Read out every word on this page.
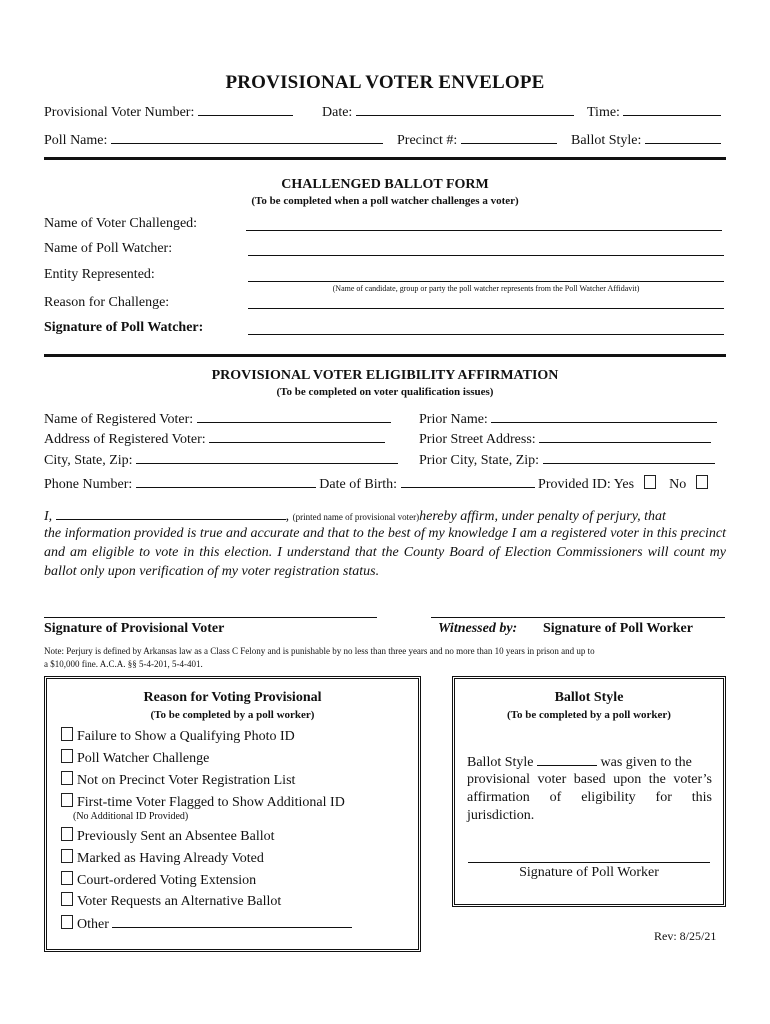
PROVISIONAL VOTER ENVELOPE
Provisional Voter Number:	Date:	Time:
Poll Name:	Precinct #:	Ballot Style:
CHALLENGED BALLOT FORM
(To be completed when a poll watcher challenges a voter)
Name of Voter Challenged:
Name of Poll Watcher:
Entity Represented:
(Name of candidate, group or party the poll watcher represents from the Poll Watcher Affidavit)
Reason for Challenge:
Signature of Poll Watcher:
PROVISIONAL VOTER ELIGIBILITY AFFIRMATION
(To be completed on voter qualification issues)
Name of Registered Voter:	Prior Name:
Address of Registered Voter:	Prior Street Address:
City, State, Zip:	Prior City, State, Zip:
Phone Number:	Date of Birth:	Provided ID: Yes	No
I,	, (printed name of provisional voter)hereby affirm, under penalty of perjury, that
the information provided is true and accurate and that to the best of my knowledge I am a registered voter in this precinct and am eligible to vote in this election. I understand that the County Board of Election Commissioners will count my ballot only upon verification of my voter registration status.
Signature of Provisional Voter	Witnessed by: Signature of Poll Worker
Note: Perjury is defined by Arkansas law as a Class C Felony and is punishable by no less than three years and no more than 10 years in prison and up to
a $10,000 fine. A.C.A. §§ 5-4-201, 5-4-401.
Reason for Voting Provisional
(To be completed by a poll worker)
Failure to Show a Qualifying Photo ID
Poll Watcher Challenge
Not on Precinct Voter Registration List
First-time Voter Flagged to Show Additional ID
(No Additional ID Provided)
Previously Sent an Absentee Ballot
Marked as Having Already Voted
Court-ordered Voting Extension
Voter Requests an Alternative Ballot
Other
Ballot Style
(To be completed by a poll worker)
Ballot Style	was given to the
provisional voter based upon the voter’s affirmation of eligibility for this jurisdiction.
Signature of Poll Worker
Rev: 8/25/21
